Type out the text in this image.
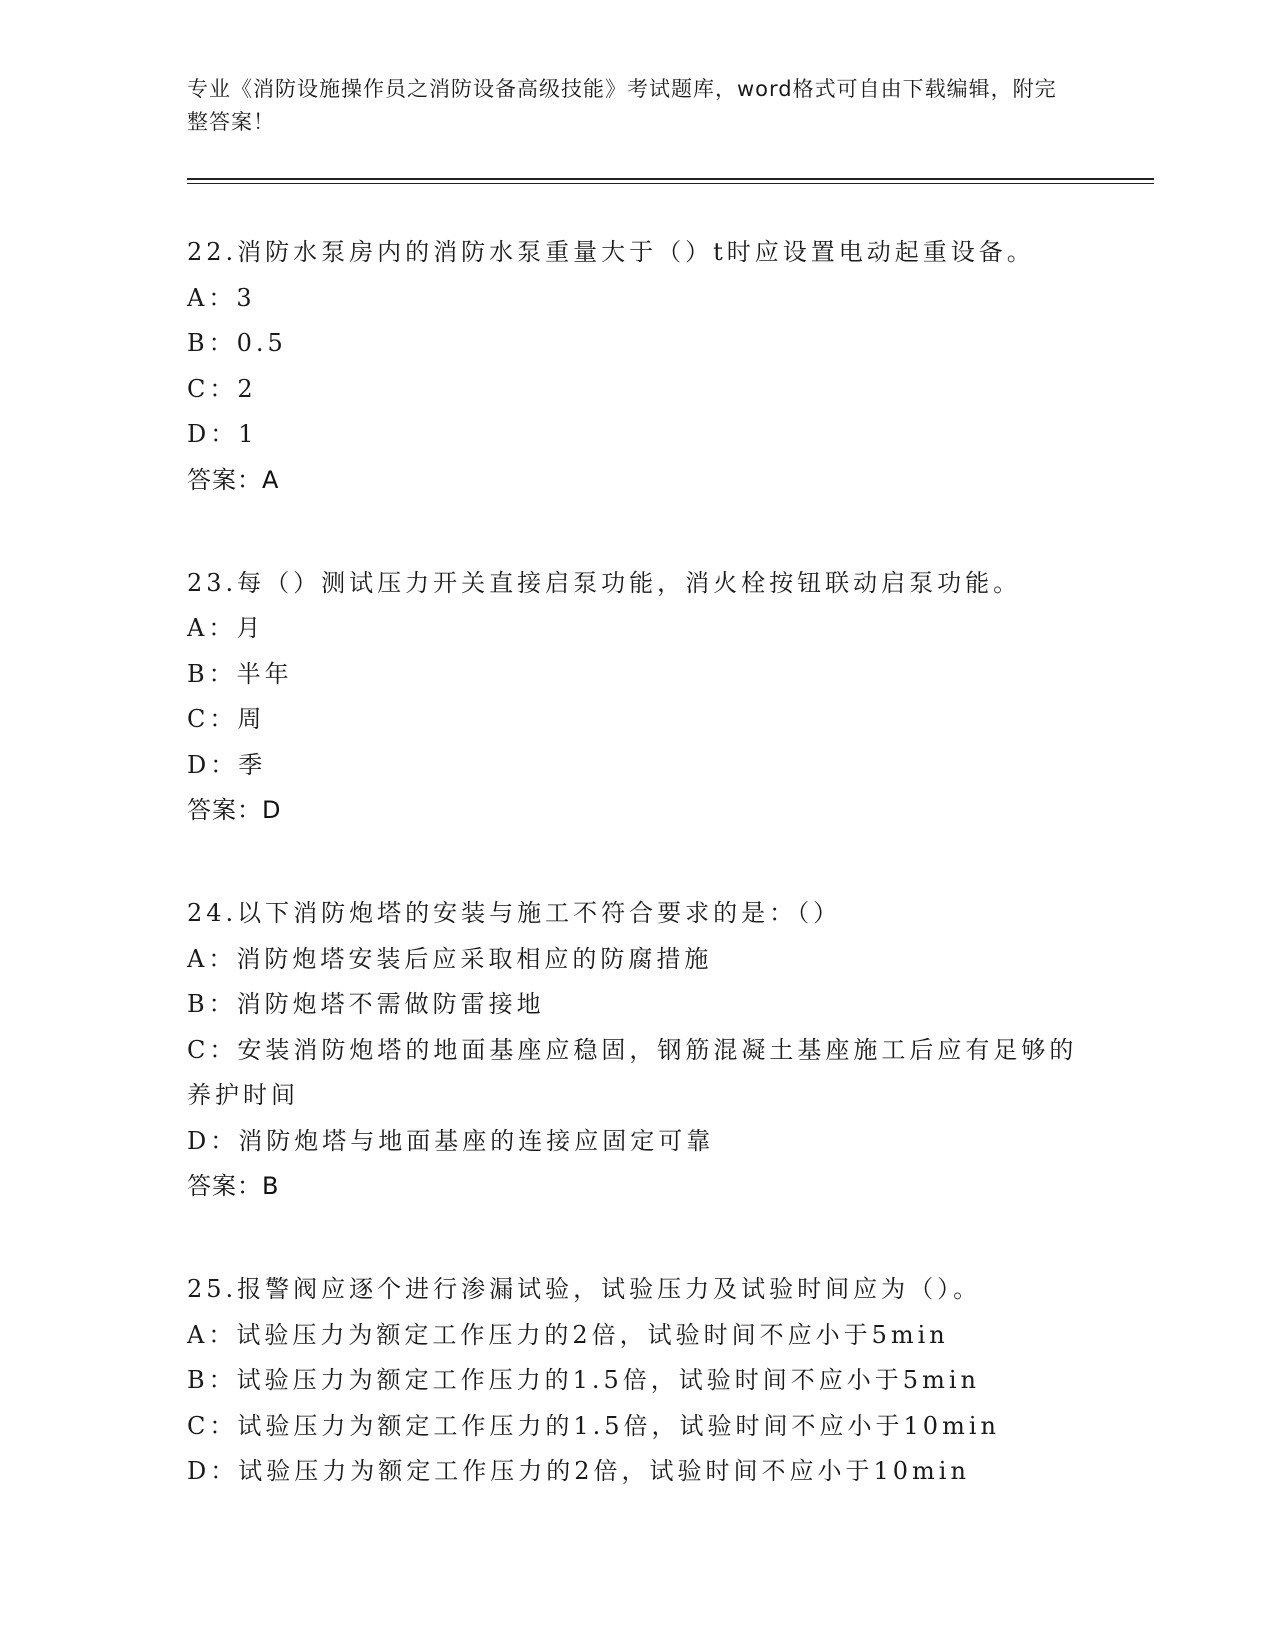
专业《消防设施操作员之消防设备高级技能》考试题库，word格式可自由下载编辑，附完整答案！
22.消防水泵房内的消防水泵重量大于（）t时应设置电动起重设备。
A：3
B：0.5
C：2
D：1
答案：A
23.每（）测试压力开关直接启泵功能，消火栓按钮联动启泵功能。
A：月
B：半年
C：周
D：季
答案：D
24.以下消防炮塔的安装与施工不符合要求的是：（）
A：消防炮塔安装后应采取相应的防腐措施
B：消防炮塔不需做防雷接地
C：安装消防炮塔的地面基座应稳固，钢筋混凝土基座施工后应有足够的养护时间
D：消防炮塔与地面基座的连接应固定可靠
答案：B
25.报警阀应逐个进行渗漏试验，试验压力及试验时间应为（）。
A：试验压力为额定工作压力的2倍，试验时间不应小于5min
B：试验压力为额定工作压力的1.5倍，试验时间不应小于5min
C：试验压力为额定工作压力的1.5倍，试验时间不应小于10min
D：试验压力为额定工作压力的2倍，试验时间不应小于10min
